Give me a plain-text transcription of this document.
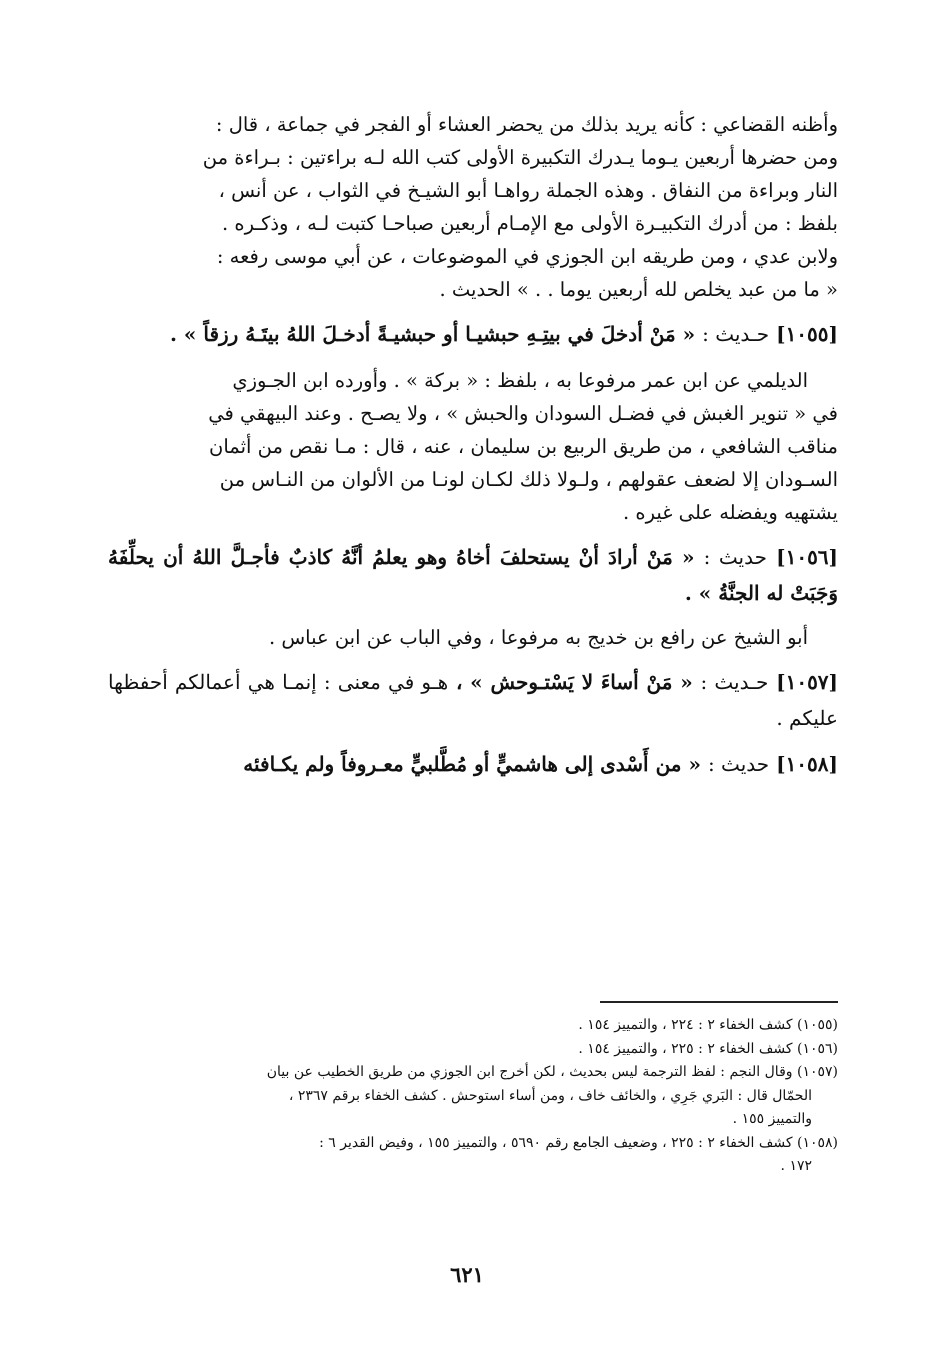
وأظنه القضاعي : كأنه يريد بذلك من يحضر العشاء أو الفجر في جماعة ، قال :

ومن حضرها أربعين يـوما يـدرك التكبيرة الأولى كتب الله لـه براءتين : بـراءة من

النار وبراءة من النفاق . وهذه الجملة رواهـا أبو الشيـخ في الثواب ، عن أنس ،

بلفظ : من أدرك التكبيـرة الأولى مع الإمـام أربعين صباحـا كتبت لـه ، وذكـره .

ولابن عدي ، ومن طريقه ابن الجوزي في الموضوعات ، عن أبي موسى رفعه :

« ما من عبد يخلص لله أربعين يوما . . » الحديث .

[١٠٥٥] حـديث : « مَنْ أدخلَ في بيتِـهِ حبشيـا أو حبشيـةً أدخـلَ اللهُ بيتَـهُ رزقاً » .

الديلمي عن ابن عمر مرفوعا به ، بلفظ : « بركة » . وأورده ابن الجـوزي

في « تنوير الغبش في فضـل السودان والحبش » ، ولا يصـح . وعند البيهقي في

مناقب الشافعي ، من طريق الربيع بن سليمان ، عنه ، قال : مـا نقص من أثمان

السـودان إلا لضعف عقولهم ، ولـولا ذلك لكـان لونـا من الألوان من النـاس من

يشتهيه ويفضله على غيره .

[١٠٥٦] حديث : « مَنْ أرادَ أنْ يستحلفَ أخاهُ وهو يعلمُ أنَّهُ كاذبٌ فأجـلَّ اللهُ أن يحلِّفَهُ وَجَبَتْ له الجنَّةُ » .

أبو الشيخ عن رافع بن خديج به مرفوعا ، وفي الباب عن ابن عباس .

[١٠٥٧] حـديث : « مَنْ أساءَ لا يَسْتـوحش » ، هـو في معنى : إنمـا هي أعمالكم أحفظها عليكم .

[١٠٥٨] حديث : « من أَسْدى إلى هاشميٍّ أو مُطَّلبيٍّ معـروفاً ولم يكـافئه

(١٠٥٥) كشف الخفاء ٢ : ٢٢٤ ، والتمييز ١٥٤ .

(١٠٥٦) كشف الخفاء ٢ : ٢٢٥ ، والتمييز ١٥٤ .

(١٠٥٧) وقال النجم : لفظ الترجمة ليس بحديث ، لكن أخرج ابن الجوزي من طريق الخطيب عن بيان

الحمّال قال : البَري جَرِي ، والخائف خاف ، ومن أساء استوحش . كشف الخفاء برقم ٢٣٦٧ ،

والتمييز ١٥٥ .

(١٠٥٨) كشف الخفاء ٢ : ٢٢٥ ، وضعيف الجامع رقم ٥٦٩٠ ، والتمييز ١٥٥ ، وفيض القدير ٦ :

١٧٢ .

٦٢١
